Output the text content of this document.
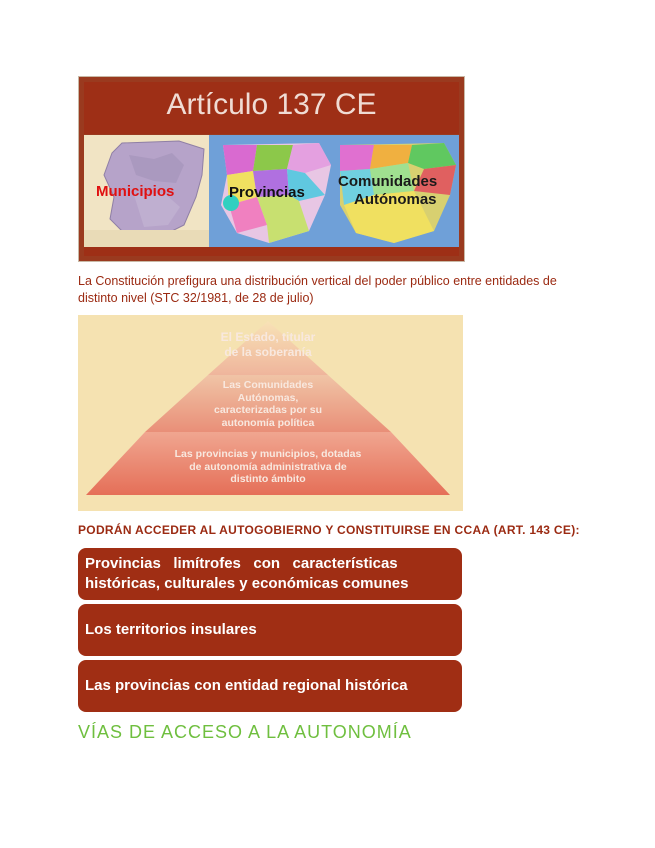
Artículo 137 CE
Municipios	Provincias
Comunidades
Autónomas
La Constitución prefigura una distribución vertical del poder público entre entidades de distinto nivel (STC 32/1981, de 28 de julio)
El Estado, titular
de la soberanía
Las Comunidades
Autónomas,
caracterizadas por su
autonomía política
Las provincias y municipios, dotadas
de autonomía administrativa de
distinto ámbito
PODRÁN ACCEDER AL AUTOGOBIERNO Y CONSTITUIRSE EN CCAA (ART. 143 CE):
Provincias   limítrofes   con   características
históricas, culturales y económicas comunes
Los territorios insulares
Las provincias con entidad regional histórica
VÍAS DE ACCESO A LA AUTONOMÍA
